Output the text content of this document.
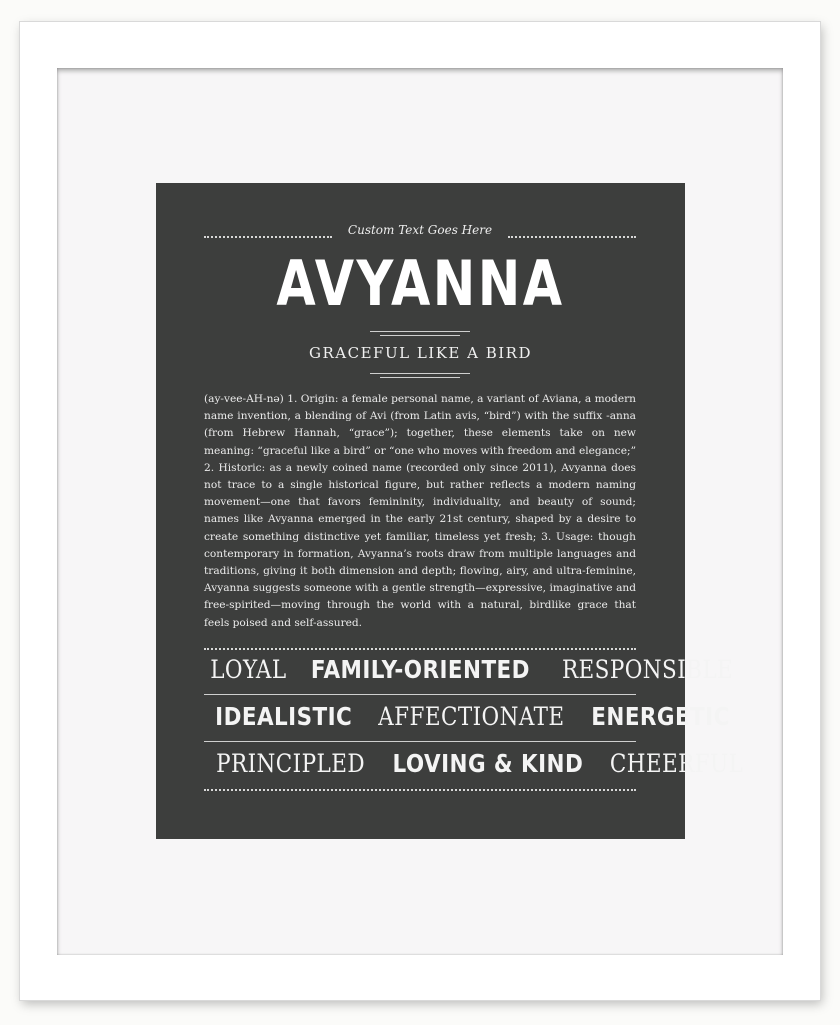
Custom Text Goes Here
AVYANNA
GRACEFUL LIKE A BIRD

(ay-vee-AH-nə) 1. Origin: a female personal name, a variant of Aviana, a modern name invention, a blending of Avi (from Latin avis, “bird”) with the suffix -anna (from Hebrew Hannah, “grace”); together, these elements take on new meaning: “graceful like a bird” or “one who moves with freedom and elegance;” 2. Historic: as a newly coined name (recorded only since 2011), Avyanna does not trace to a single historical figure, but rather reflects a modern naming movement—one that favors femininity, individuality, and beauty of sound; names like Avyanna emerged in the early 21st century, shaped by a desire to create something distinctive yet familiar, timeless yet fresh; 3. Usage: though contemporary in formation, Avyanna’s roots draw from multiple languages and traditions, giving it both dimension and depth; flowing, airy, and ultra-feminine, Avyanna suggests someone with a gentle strength—expressive, imaginative and free-spirited—moving through the world with a natural, birdlike grace that feels poised and self-assured.

LOYAL FAMILY-ORIENTED RESPONSIBLE
IDEALISTIC AFFECTIONATE ENERGETIC
PRINCIPLED LOVING & KIND CHEERFUL
